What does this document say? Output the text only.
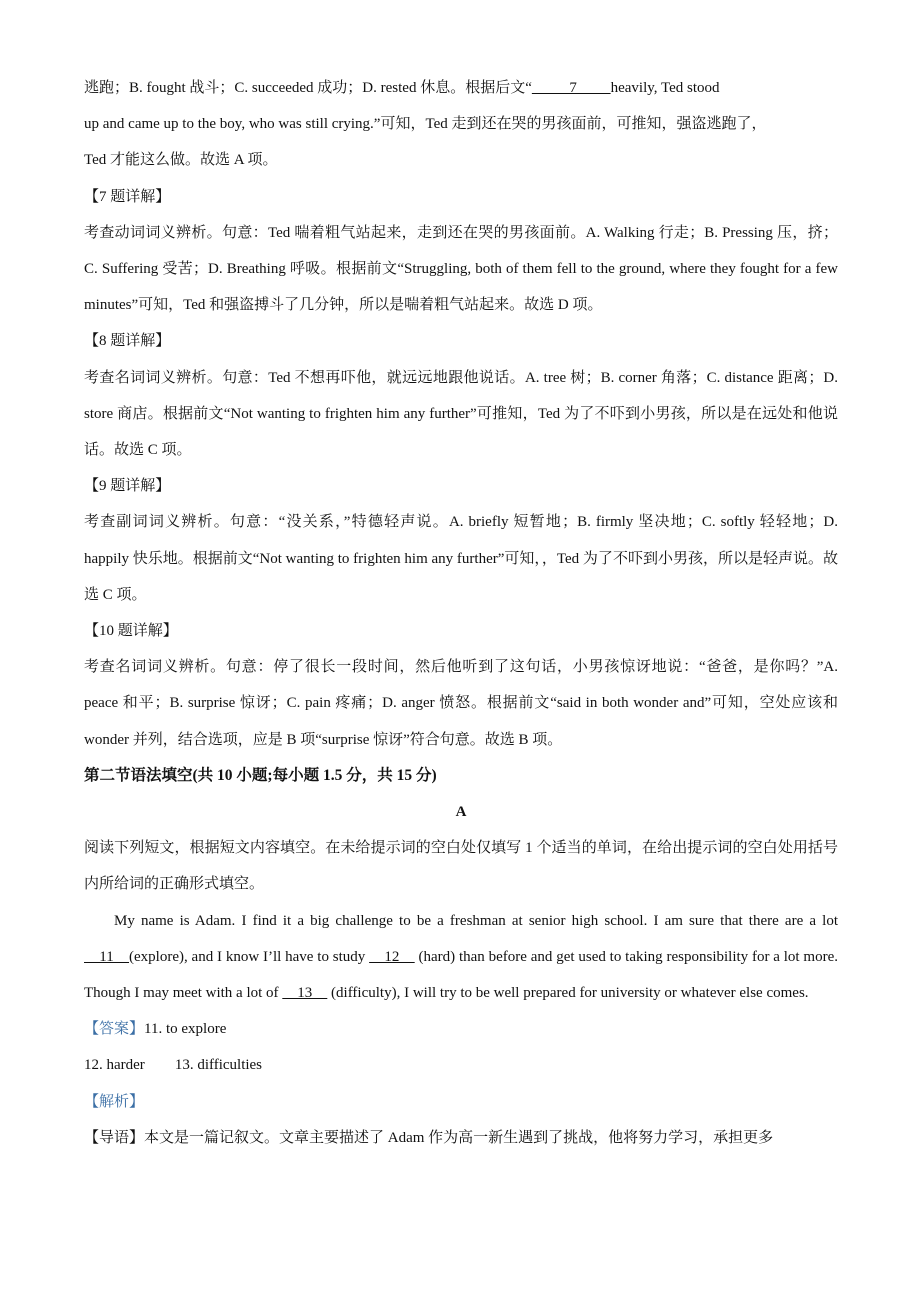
逃跑；B. fought 战斗；C. succeeded 成功；D. rested 休息。根据后文“          7         heavily, Ted stood
up and came up to the boy, who was still crying.”可知，Ted 走到还在哭的男孩面前，可推知，强盗逃跑了，
Ted 才能这么做。故选 A 项。

【7 题详解】

考查动词词义辨析。句意：Ted 喘着粗气站起来，走到还在哭的男孩面前。A. Walking 行走；B. Pressing 压，挤；C. Suffering 受苦；D. Breathing 呼吸。根据前文“Struggling, both of them fell to the ground, where they fought for a few minutes”可知，Ted 和强盗搏斗了几分钟，所以是喘着粗气站起来。故选 D 项。

【8 题详解】

考查名词词义辨析。句意：Ted 不想再吓他，就远远地跟他说话。A. tree 树；B. corner 角落；C. distance 距离；D. store 商店。根据前文“Not wanting to frighten him any further”可推知，Ted 为了不吓到小男孩，所以是在远处和他说话。故选 C 项。

【9 题详解】

考查副词词义辨析。句意：“没关系，”特德轻声说。A. briefly 短暂地；B. firmly 坚决地；C. softly 轻轻地；D. happily 快乐地。根据前文“Not wanting to frighten him any further”可知，，Ted 为了不吓到小男孩，所以是轻声说。故选 C 项。

【10 题详解】

考查名词词义辨析。句意：停了很长一段时间，然后他听到了这句话，小男孩惊讶地说：“爸爸，是你吗？”A. peace 和平；B. surprise 惊讶；C. pain 疼痛；D. anger 愤怒。根据前文“said in both wonder and”可知，空处应该和 wonder 并列，结合选项，应是 B 项“surprise 惊讶”符合句意。故选 B 项。

第二节语法填空(共 10 小题;每小题 1.5 分，共 15 分)

A

阅读下列短文，根据短文内容填空。在未给提示词的空白处仅填写 1 个适当的单词，在给出提示词的空白处用括号内所给词的正确形式填空。

My name is Adam. I find it a big challenge to be a freshman at senior high school. I am sure that there are a lot     11    (explore), and I know I’ll have to study     12     (hard) than before and get used to taking responsibility for a lot more. Though I may meet with a lot of     13     (difficulty), I will try to be well prepared for university or whatever else comes.

【答案】11. to explore

12. harder 13. difficulties

【解析】

【导语】本文是一篇记叙文。文章主要描述了 Adam 作为高一新生遇到了挑战，他将努力学习，承担更多
